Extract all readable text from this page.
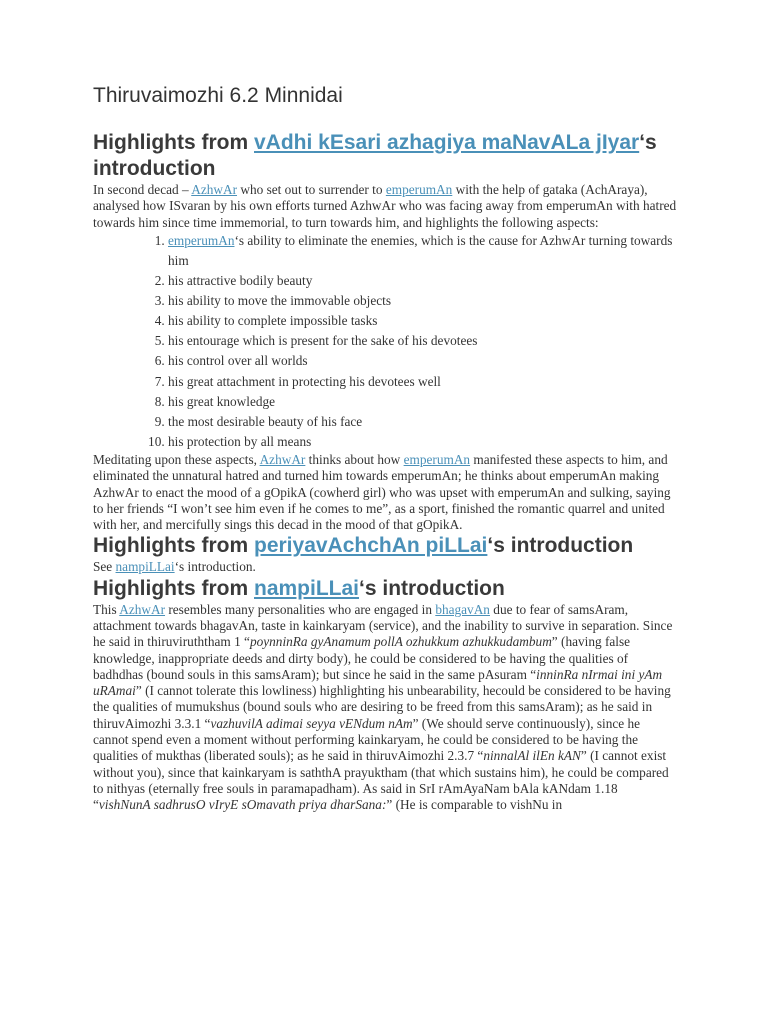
Thiruvaimozhi 6.2 Minnidai
Highlights from vAdhi kEsari azhagiya maNavALa jIyar‘s introduction

In second decad – AzhwAr who set out to surrender to emperumAn with the help of gataka (AchAraya), analysed how ISvaran by his own efforts turned AzhwAr who was facing away from emperumAn with hatred towards him since time immemorial, to turn towards him, and highlights the following aspects:

1. emperumAn‘s ability to eliminate the enemies, which is the cause for AzhwAr turning towards him
2. his attractive bodily beauty
3. his ability to move the immovable objects
4. his ability to complete impossible tasks
5. his entourage which is present for the sake of his devotees
6. his control over all worlds
7. his great attachment in protecting his devotees well
8. his great knowledge
9. the most desirable beauty of his face
10. his protection by all means

Meditating upon these aspects, AzhwAr thinks about how emperumAn manifested these aspects to him, and eliminated the unnatural hatred and turned him towards emperumAn; he thinks about emperumAn making AzhwAr to enact the mood of a gOpikA (cowherd girl) who was upset with emperumAn and sulking, saying to her friends “I won’t see him even if he comes to me”, as a sport, finished the romantic quarrel and united with her, and mercifully sings this decad in the mood of that gOpikA.

Highlights from periyavAchchAn piLLai‘s introduction

See nampiLLai‘s introduction.

Highlights from nampiLLai‘s introduction

This AzhwAr resembles many personalities who are engaged in bhagavAn due to fear of samsAram, attachment towards bhagavAn, taste in kainkaryam (service), and the inability to survive in separation. Since he said in thiruviruththam 1 “poynninRa gyAnamum pollA ozhukkum azhukkudambum” (having false knowledge, inappropriate deeds and dirty body), he could be considered to be having the qualities of badhdhas (bound souls in this samsAram); but since he said in the same pAsuram “inninRa nIrmai ini yAm uRAmai” (I cannot tolerate this lowliness) highlighting his unbearability, hecould be considered to be having the qualities of mumukshus (bound souls who are desiring to be freed from this samsAram); as he said in thiruvAimozhi 3.3.1 “vazhuvilA adimai seyya vENdum nAm” (We should serve continuously), since he cannot spend even a moment without performing kainkaryam, he could be considered to be having the qualities of mukthas (liberated souls); as he said in thiruvAimozhi 2.3.7 “ninnalAl ilEn kAN” (I cannot exist without you), since that kainkaryam is saththA prayuktham (that which sustains him), he could be compared to nithyas (eternally free souls in paramapadham). As said in SrI rAmAyaNam bAla kANdam 1.18 “vishNunA sadhrusO vIryE sOmavath priya dharSana:” (He is comparable to vishNu in
